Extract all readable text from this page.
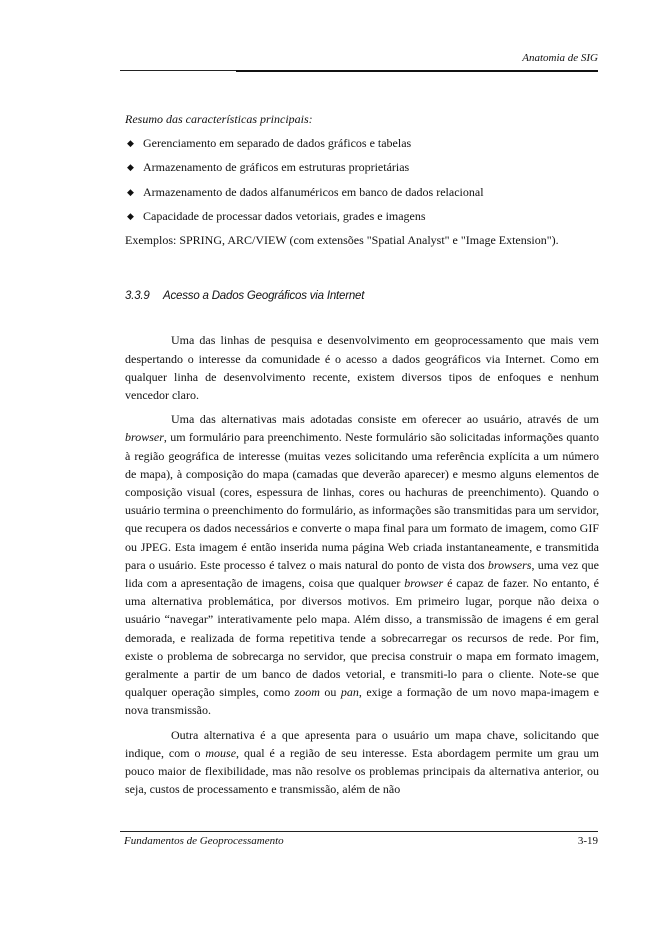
Anatomia de SIG

Resumo das características principais:

◆ Gerenciamento em separado de dados gráficos e tabelas
◆ Armazenamento de gráficos em estruturas proprietárias
◆ Armazenamento de dados alfanuméricos em banco de dados relacional
◆ Capacidade de processar dados vetoriais, grades e imagens

Exemplos: SPRING, ARC/VIEW (com extensões "Spatial Analyst" e "Image Extension").

3.3.9 Acesso a Dados Geográficos via Internet

Uma das linhas de pesquisa e desenvolvimento em geoprocessamento que mais vem despertando o interesse da comunidade é o acesso a dados geográficos via Internet. Como em qualquer linha de desenvolvimento recente, existem diversos tipos de enfoques e nenhum vencedor claro.

Uma das alternativas mais adotadas consiste em oferecer ao usuário, através de um browser, um formulário para preenchimento. Neste formulário são solicitadas informações quanto à região geográfica de interesse (muitas vezes solicitando uma referência explícita a um número de mapa), à composição do mapa (camadas que deverão aparecer) e mesmo alguns elementos de composição visual (cores, espessura de linhas, cores ou hachuras de preenchimento). Quando o usuário termina o preenchimento do formulário, as informações são transmitidas para um servidor, que recupera os dados necessários e converte o mapa final para um formato de imagem, como GIF ou JPEG. Esta imagem é então inserida numa página Web criada instantaneamente, e transmitida para o usuário. Este processo é talvez o mais natural do ponto de vista dos browsers, uma vez que lida com a apresentação de imagens, coisa que qualquer browser é capaz de fazer. No entanto, é uma alternativa problemática, por diversos motivos. Em primeiro lugar, porque não deixa o usuário “navegar” interativamente pelo mapa. Além disso, a transmissão de imagens é em geral demorada, e realizada de forma repetitiva tende a sobrecarregar os recursos de rede. Por fim, existe o problema de sobrecarga no servidor, que precisa construir o mapa em formato imagem, geralmente a partir de um banco de dados vetorial, e transmiti-lo para o cliente. Note-se que qualquer operação simples, como zoom ou pan, exige a formação de um novo mapa-imagem e nova transmissão.

Outra alternativa é a que apresenta para o usuário um mapa chave, solicitando que indique, com o mouse, qual é a região de seu interesse. Esta abordagem permite um grau um pouco maior de flexibilidade, mas não resolve os problemas principais da alternativa anterior, ou seja, custos de processamento e transmissão, além de não

Fundamentos de Geoprocessamento	3-19
